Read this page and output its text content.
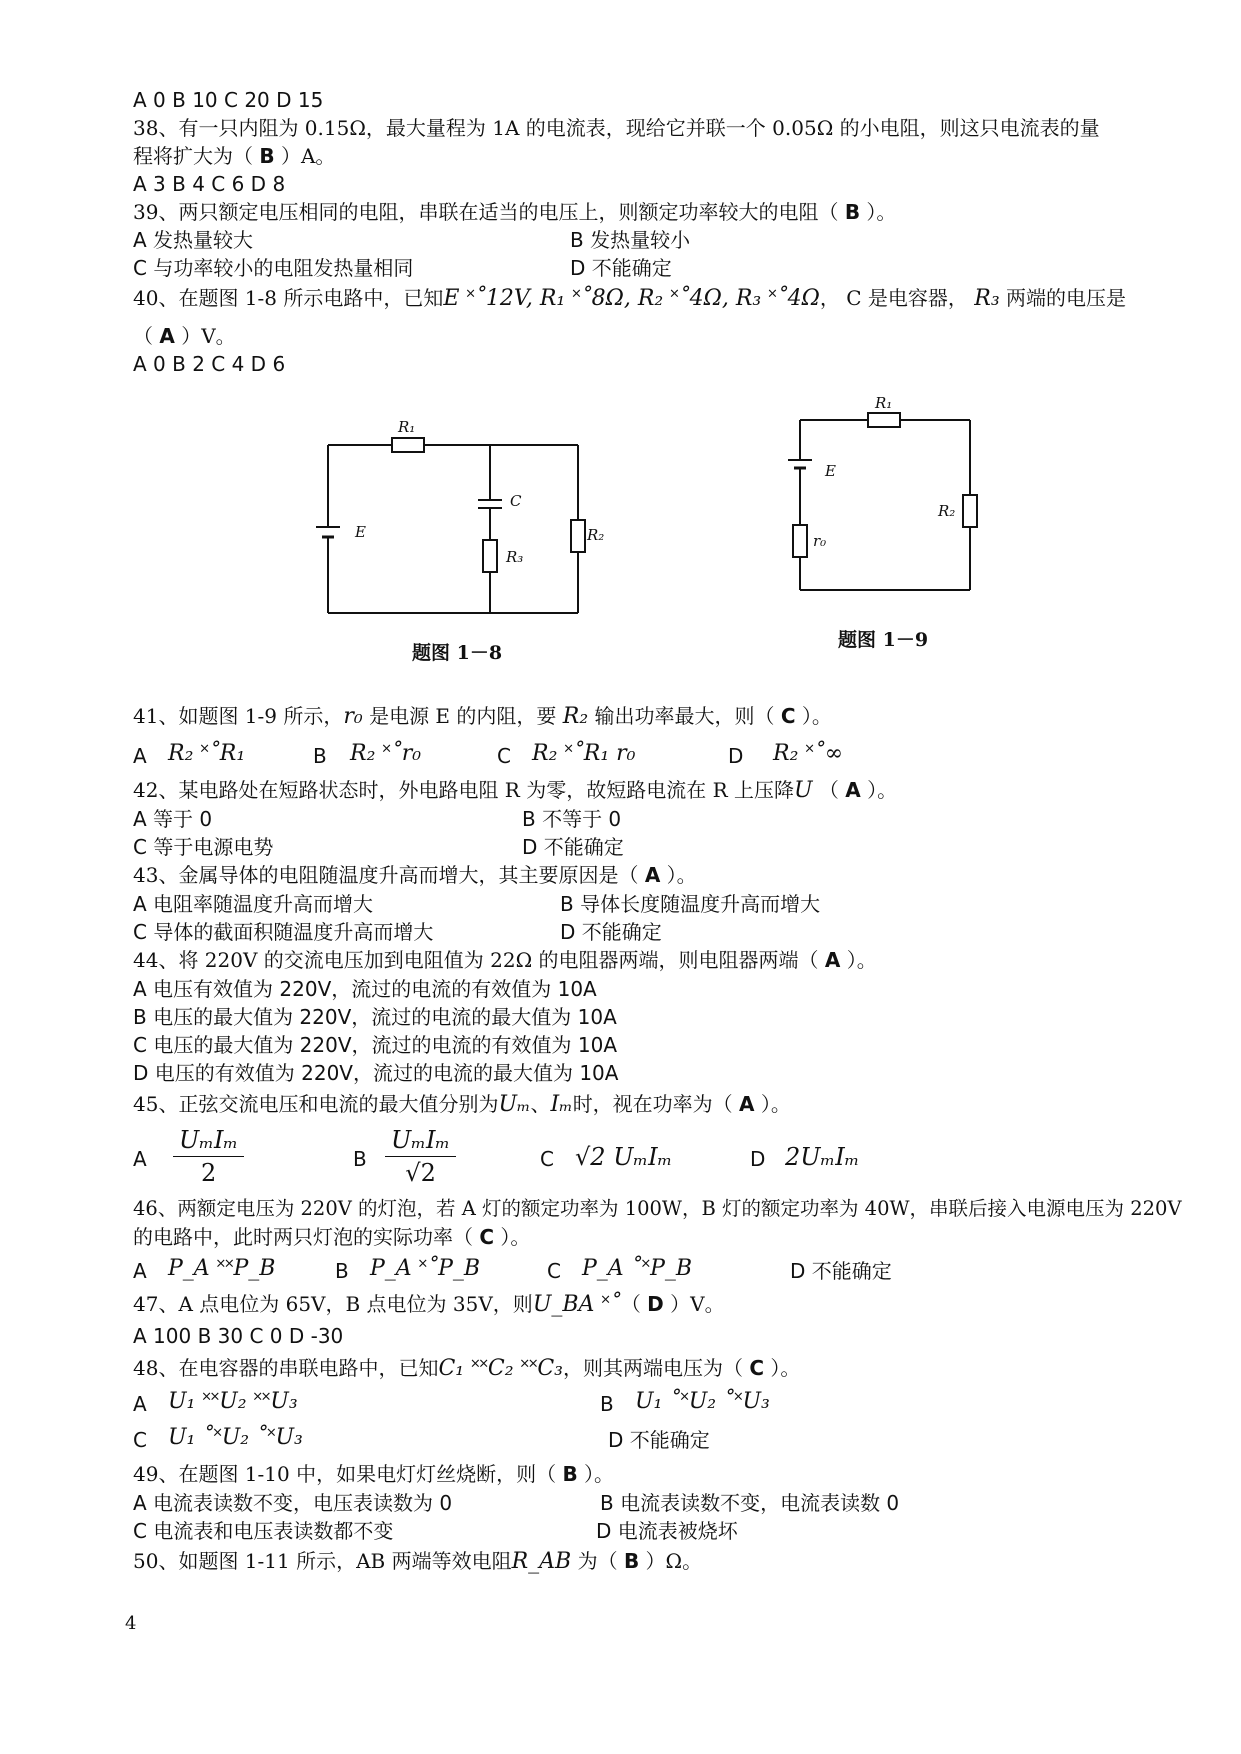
A 0 B 10 C 20 D 15
38、有一只内阻为 0.15Ω，最大量程为 1A 的电流表，现给它并联一个 0.05Ω 的小电阻，则这只电流表的量
程将扩大为（ B ）A。
A 3 B 4 C 6 D 8
39、两只额定电压相同的电阻，串联在适当的电压上，则额定功率较大的电阻（ B ）。
A 发热量较大	B 发热量较小
C 与功率较小的电阻发热量相同	D 不能确定
40、在题图 1-8 所示电路中，已知E ˟˚12V, R₁ ˟˚8Ω, R₂ ˟˚4Ω, R₃ ˟˚4Ω， C 是电容器， R₃ 两端的电压是
（ A ）V。
A 0 B 2 C 4 D 6
R₁
C
E
R₃
R₂
题图 1－8
R₁
E
r₀
R₂
题图 1－9
41、如题图 1-9 所示，r₀ 是电源 E 的内阻，要 R₂ 输出功率最大，则（ C ）。
A R₂ ˟˚R₁	B R₂ ˟˚r₀	C R₂ ˟˚R₁ r₀	D R₂ ˟˚∞
42、某电路处在短路状态时，外电路电阻 R 为零，故短路电流在 R 上压降U （ A ）。
A 等于 0	B 不等于 0
C 等于电源电势	D 不能确定
43、金属导体的电阻随温度升高而增大，其主要原因是（ A ）。
A 电阻率随温度升高而增大	B 导体长度随温度升高而增大
C 导体的截面积随温度升高而增大	D 不能确定
44、将 220V 的交流电压加到电阻值为 22Ω 的电阻器两端，则电阻器两端（ A ）。
A 电压有效值为 220V，流过的电流的有效值为 10A
B 电压的最大值为 220V，流过的电流的最大值为 10A
C 电压的最大值为 220V，流过的电流的有效值为 10A
D 电压的有效值为 220V，流过的电流的最大值为 10A
45、正弦交流电压和电流的最大值分别为Uₘ、Iₘ时，视在功率为（ A ）。
A
UₘIₘ
2	B
UₘIₘ
√2	C √2 UₘIₘ	D 2UₘIₘ
46、两额定电压为 220V 的灯泡，若 A 灯的额定功率为 100W，B 灯的额定功率为 40W，串联后接入电源电压为 220V
的电路中，此时两只灯泡的实际功率（ C ）。
A P_A ˟˟P_B	B P_A ˟˚P_B	C P_A ˚˟P_B	D 不能确定
47、A 点电位为 65V，B 点电位为 35V，则U_BA ˟˚（ D ）V。
A 100 B 30 C 0 D -30
48、在电容器的串联电路中，已知C₁ ˟˟C₂ ˟˟C₃，则其两端电压为（ C ）。
A U₁ ˟˟U₂ ˟˟U₃	B U₁ ˚˟U₂ ˚˟U₃
C U₁ ˚˟U₂ ˚˟U₃	D 不能确定
49、在题图 1-10 中，如果电灯灯丝烧断，则（ B ）。
A 电流表读数不变，电压表读数为 0	B 电流表读数不变，电流表读数 0
C 电流表和电压表读数都不变	D 电流表被烧坏
50、如题图 1-11 所示，AB 两端等效电阻R_AB 为（ B ）Ω。
4
